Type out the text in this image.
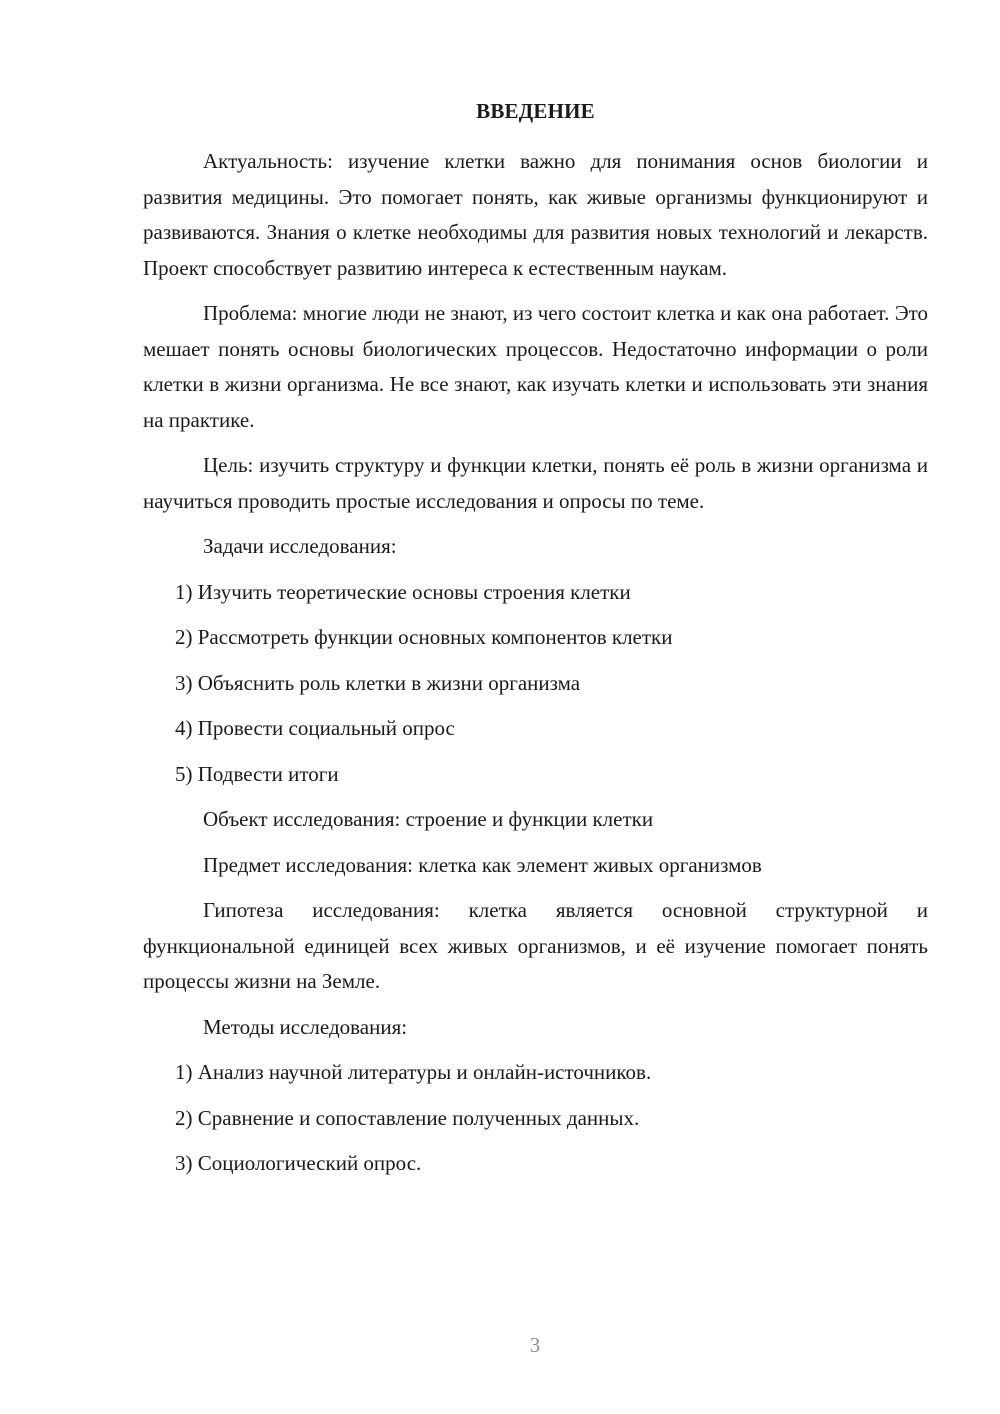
ВВЕДЕНИЕ

Актуальность: изучение клетки важно для понимания основ биологии и развития медицины. Это помогает понять, как живые организмы функционируют и развиваются. Знания о клетке необходимы для развития новых технологий и лекарств. Проект способствует развитию интереса к естественным наукам.

Проблема: многие люди не знают, из чего состоит клетка и как она работает. Это мешает понять основы биологических процессов. Недостаточно информации о роли клетки в жизни организма. Не все знают, как изучать клетки и использовать эти знания на практике.

Цель: изучить структуру и функции клетки, понять её роль в жизни организма и научиться проводить простые исследования и опросы по теме.

Задачи исследования:

1) Изучить теоретические основы строения клетки
2) Рассмотреть функции основных компонентов клетки
3) Объяснить роль клетки в жизни организма
4) Провести социальный опрос
5) Подвести итоги

Объект исследования: строение и функции клетки

Предмет исследования: клетка как элемент живых организмов

Гипотеза исследования: клетка является основной структурной и функциональной единицей всех живых организмов, и её изучение помогает понять процессы жизни на Земле.

Методы исследования:

1) Анализ научной литературы и онлайн-источников.
2) Сравнение и сопоставление полученных данных.
3) Социологический опрос.
3
